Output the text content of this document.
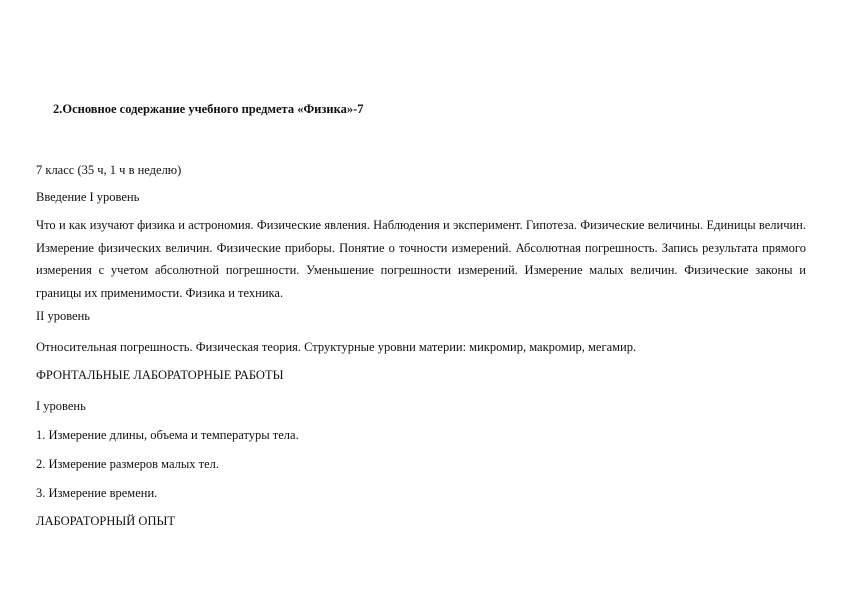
2.Основное содержание учебного предмета «Физика»-7
7 класс (35 ч, 1 ч в неделю)
Введение I уровень
Что и как изучают физика и астрономия. Физические явления. Наблюдения и эксперимент. Гипотеза. Физические величины. Единицы величин. Измерение физических величин. Физические приборы. Понятие о точности измерений. Абсолютная погрешность. Запись результата прямого измерения с учетом абсолютной погрешности. Уменьшение погрешности измерений. Измерение малых величин. Физические законы и границы их применимости. Физика и техника.
II уровень
Относительная погрешность. Физическая теория. Структурные уровни материи: микромир, макромир, мегамир.
ФРОНТАЛЬНЫЕ ЛАБОРАТОРНЫЕ РАБОТЫ
I уровень
1. Измерение длины, объема и температуры тела.
2. Измерение размеров малых тел.
3. Измерение времени.
ЛАБОРАТОРНЫЙ ОПЫТ
